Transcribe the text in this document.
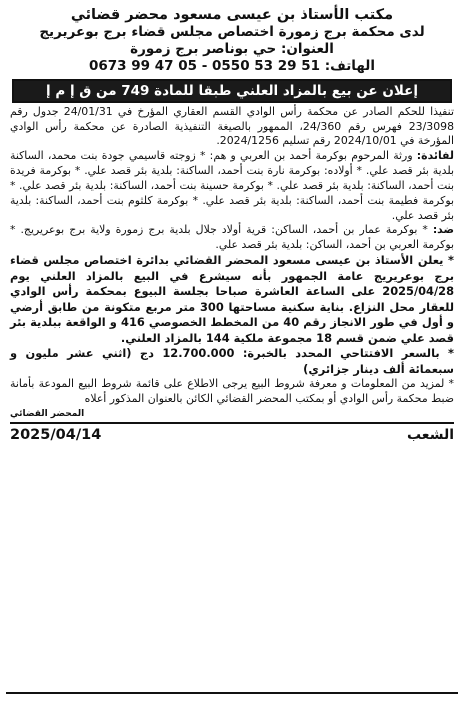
مكتب الأستاذ بن عيسى مسعود محضر قضائي
لدى محكمة برج زمورة اختصاص مجلس قضاء برج بوعريريج
العنوان: حي بوناصر برج زمورة
الهاتف: 0673 99 47 05 - 0550 53 29 51
إعلان عن بيع بالمزاد العلني طبقا للمادة 749 من ق إ م إ

تنفيذا للحكم الصادر عن محكمة رأس الوادي القسم العقاري المؤرخ في 24/01/31 جدول رقم 23/3098 فهرس رقم 24/360، الممهور بالصيغة التنفيذية الصادرة عن محكمة رأس الوادي المؤرخة في 2024/10/01 رقم تسليم 2024/1256.

لفائدة: ورثة المرحوم بوكرمة أحمد بن العربي و هم: * زوجته قاسيمي جودة بنت محمد، الساكنة بلدية بئر قصد علي. * أولاده: بوكرمة نارة بنت أحمد، الساكنة: بلدية بئر قصد علي. * بوكرمة فريدة بنت أحمد، الساكنة: بلدية بئر قصد علي. * بوكرمة حسينة بنت أحمد، الساكنة: بلدية بئر قصد علي. * بوكرمة فطيمة بنت أحمد، الساكنة: بلدية بئر قصد علي. * بوكرمة كلثوم بنت أحمد، الساكنة: بلدية بئر قصد علي.

ضد: * بوكرمة عمار بن أحمد، الساكن: قرية أولاد جلال بلدية برج زمورة ولاية برج بوعريريج. * بوكرمة العربي بن أحمد، الساكن: بلدية بئر قصد علي.

* يعلن الأستاذ بن عيسى مسعود المحضر القضائي بدائرة اختصاص مجلس قضاء برج بوعريريج عامة الجمهور بأنه سيشرع في البيع بالمزاد العلني يوم 2025/04/28 على الساعة العاشرة صباحا بجلسة البيوع بمحكمة رأس الوادي للعقار محل النزاع. بناية سكنية مساحتها 300 متر مربع متكونة من طابق أرضي و أول في طور الانجاز رقم 40 من المخطط الخصوصي 416 و الواقعة ببلدية بئر قصد علي ضمن قسم 18 مجموعة ملكية 144 بالمزاد العلني.

* بالسعر الافتتاحي المحدد بالخبرة: 12.700.000 دج (اثني عشر مليون و سبعمائة ألف دينار جزائري)

* لمزيد من المعلومات و معرفة شروط البيع يرجى الاطلاع على قائمة شروط البيع المودعة بأمانة ضبط محكمة رأس الوادي أو بمكتب المحضر القضائي الكائن بالعنوان المذكور أعلاه

المحضر القضائي
الشعب
2025/04/14
